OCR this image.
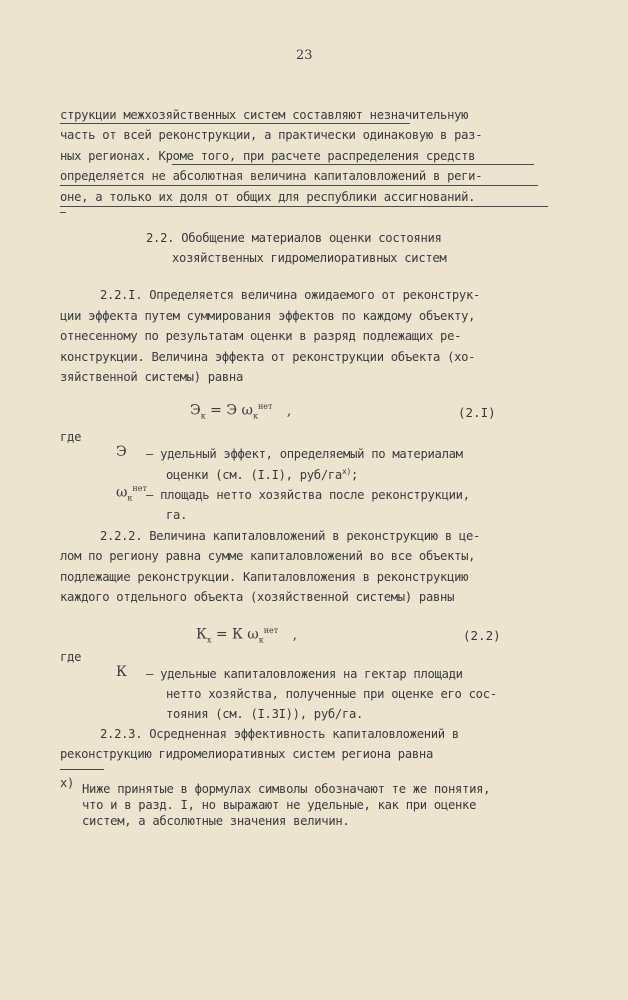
23
струкции межхозяйственных систем составляют незначительную
часть от всей реконструкции, а практически одинаковую в раз-
ных регионах. Кроме того, при расчете распределения средств
определяется не абсолютная величина капиталовложений в реги-
оне, а только их доля от общих для республики ассигнований.
2.2. Обобщение материалов оценки состояния
хозяйственных гидромелиоративных систем
2.2.I. Определяется величина ожидаемого от реконструк-
ции эффекта путем суммирования эффектов по каждому объекту,
отнесенному по результатам оценки в разряд подлежащих ре-
конструкции. Величина эффекта от реконструкции объекта (хо-
зяйственной системы) равна
$Э_к = Э$ $\omega_к^{нет}$ ,	(2.I)
где
Э – удельный эффект, определяемый по материалам
оценки (см. (I.I), руб/$га^{x)}$;
$\omega_к^{нет}$ – площадь нетто хозяйства после реконструкции,
га.
2.2.2. Величина капиталовложений в реконструкцию в це-
лом по региону равна сумме капиталовложений во все объекты,
подлежащие реконструкции. Капиталовложения в реконструкцию
каждого отдельного объекта (хозяйственной системы) равны
$К_х = К$ $\omega_к^{нет}$ ,	(2.2)
где
К – удельные капиталовложения на гектар площади
нетто хозяйства, полученные при оценке его сос-
тояния (см. (I.3I)), руб/га.
2.2.3. Осредненная эффективность капиталовложений в
реконструкцию гидромелиоративных систем региона равна
x) Ниже принятые в формулах символы обозначают те же понятия,
что и в разд. I, но выражают не удельные, как при оценке
систем, а абсолютные значения величин.
